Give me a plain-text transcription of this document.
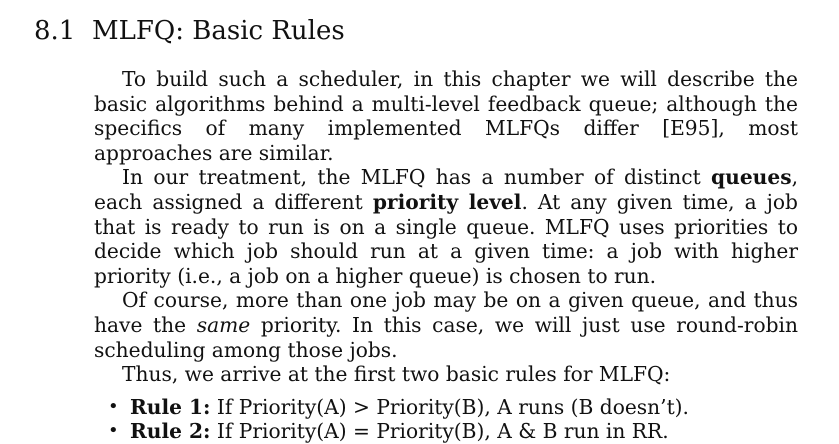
8.1 MLFQ: Basic Rules

To build such a scheduler, in this chapter we will describe the basic algorithms behind a multi-level feedback queue; although the specifics of many implemented MLFQs differ [E95], most approaches are similar.

In our treatment, the MLFQ has a number of distinct queues, each assigned a different priority level. At any given time, a job that is ready to run is on a single queue. MLFQ uses priorities to decide which job should run at a given time: a job with higher priority (i.e., a job on a higher queue) is chosen to run.

Of course, more than one job may be on a given queue, and thus have the same priority. In this case, we will just use round-robin scheduling among those jobs.

Thus, we arrive at the first two basic rules for MLFQ:

• Rule 1: If Priority(A) > Priority(B), A runs (B doesn’t).
• Rule 2: If Priority(A) = Priority(B), A & B run in RR.
